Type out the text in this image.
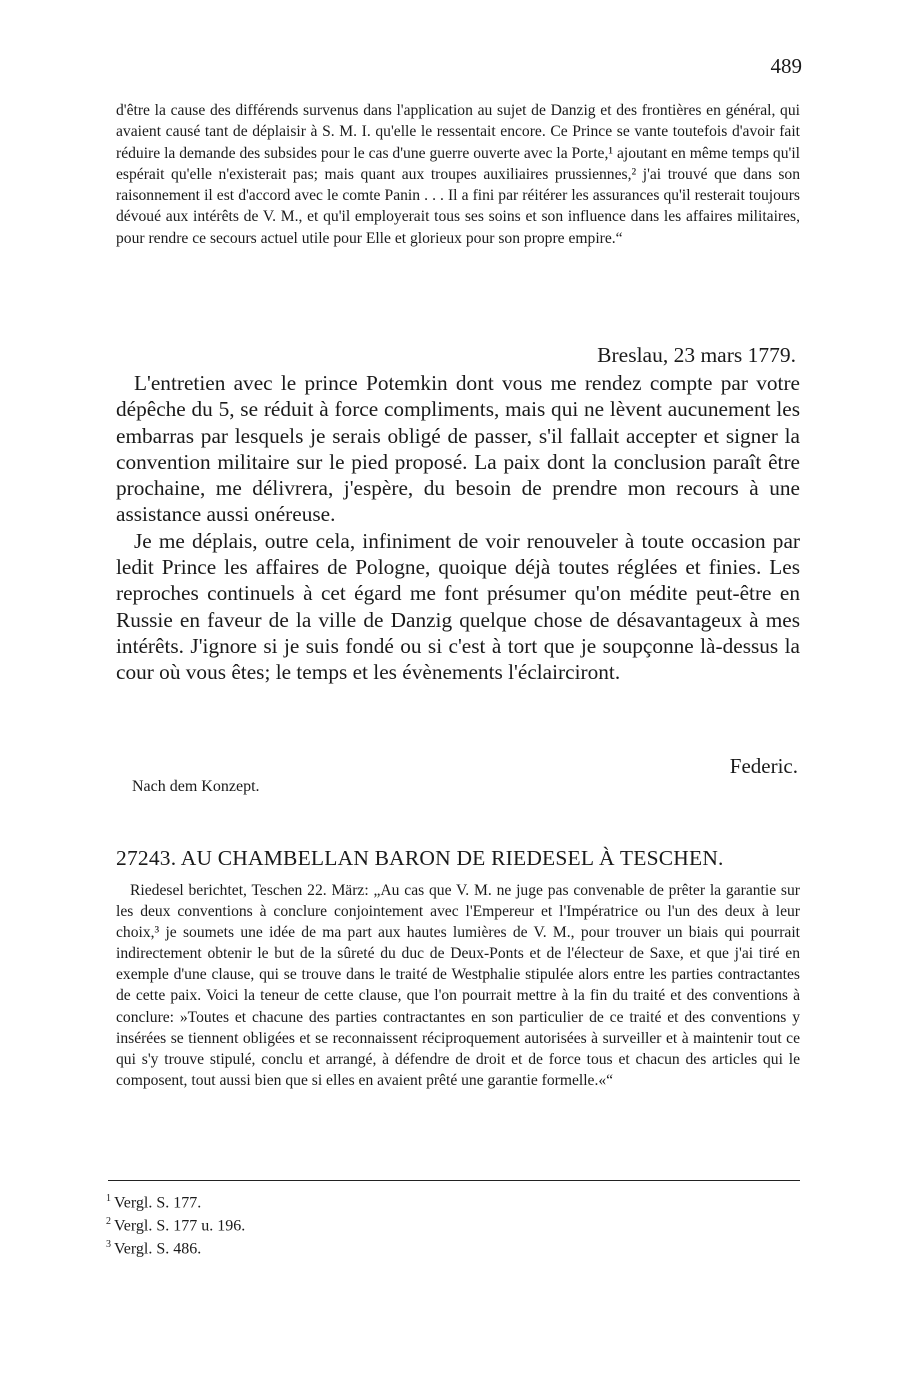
489

d'être la cause des différends survenus dans l'application au sujet de Danzig et des frontières en général, qui avaient causé tant de déplaisir à S. M. I. qu'elle le ressentait encore. Ce Prince se vante toutefois d'avoir fait réduire la demande des subsides pour le cas d'une guerre ouverte avec la Porte,¹ ajoutant en même temps qu'il espérait qu'elle n'existerait pas; mais quant aux troupes auxiliaires prussiennes,² j'ai trouvé que dans son raisonnement il est d'accord avec le comte Panin . . . Il a fini par réitérer les assurances qu'il resterait toujours dévoué aux intérêts de V. M., et qu'il employerait tous ses soins et son influence dans les affaires militaires, pour rendre ce secours actuel utile pour Elle et glorieux pour son propre empire.“

Breslau, 23 mars 1779.

L'entretien avec le prince Potemkin dont vous me rendez compte par votre dépêche du 5, se réduit à force compliments, mais qui ne lèvent aucunement les embarras par lesquels je serais obligé de passer, s'il fallait accepter et signer la convention militaire sur le pied proposé. La paix dont la conclusion paraît être prochaine, me délivrera, j'espère, du besoin de prendre mon recours à une assistance aussi onéreuse.

Je me déplais, outre cela, infiniment de voir renouveler à toute occasion par ledit Prince les affaires de Pologne, quoique déjà toutes réglées et finies. Les reproches continuels à cet égard me font présumer qu'on médite peut-être en Russie en faveur de la ville de Danzig quelque chose de désavantageux à mes intérêts. J'ignore si je suis fondé ou si c'est à tort que je soupçonne là-dessus la cour où vous êtes; le temps et les évènements l'éclairciront.

Federic.
Nach dem Konzept.
27243. AU CHAMBELLAN BARON DE RIEDESEL À TESCHEN.

Riedesel berichtet, Teschen 22. März: „Au cas que V. M. ne juge pas convenable de prêter la garantie sur les deux conventions à conclure conjointement avec l'Empereur et l'Impératrice ou l'un des deux à leur choix,³ je soumets une idée de ma part aux hautes lumières de V. M., pour trouver un biais qui pourrait indirectement obtenir le but de la sûreté du duc de Deux-Ponts et de l'électeur de Saxe, et que j'ai tiré en exemple d'une clause, qui se trouve dans le traité de Westphalie stipulée alors entre les parties contractantes de cette paix. Voici la teneur de cette clause, que l'on pourrait mettre à la fin du traité et des conventions à conclure: »Toutes et chacune des parties contractantes en son particulier de ce traité et des conventions y insérées se tiennent obligées et se reconnaissent réciproquement autorisées à surveiller et à maintenir tout ce qui s'y trouve stipulé, conclu et arrangé, à défendre de droit et de force tous et chacun des articles qui le composent, tout aussi bien que si elles en avaient prêté une garantie formelle.«“

$^1$ Vergl. S. 177.
$^2$ Vergl. S. 177 u. 196.
$^3$ Vergl. S. 486.
